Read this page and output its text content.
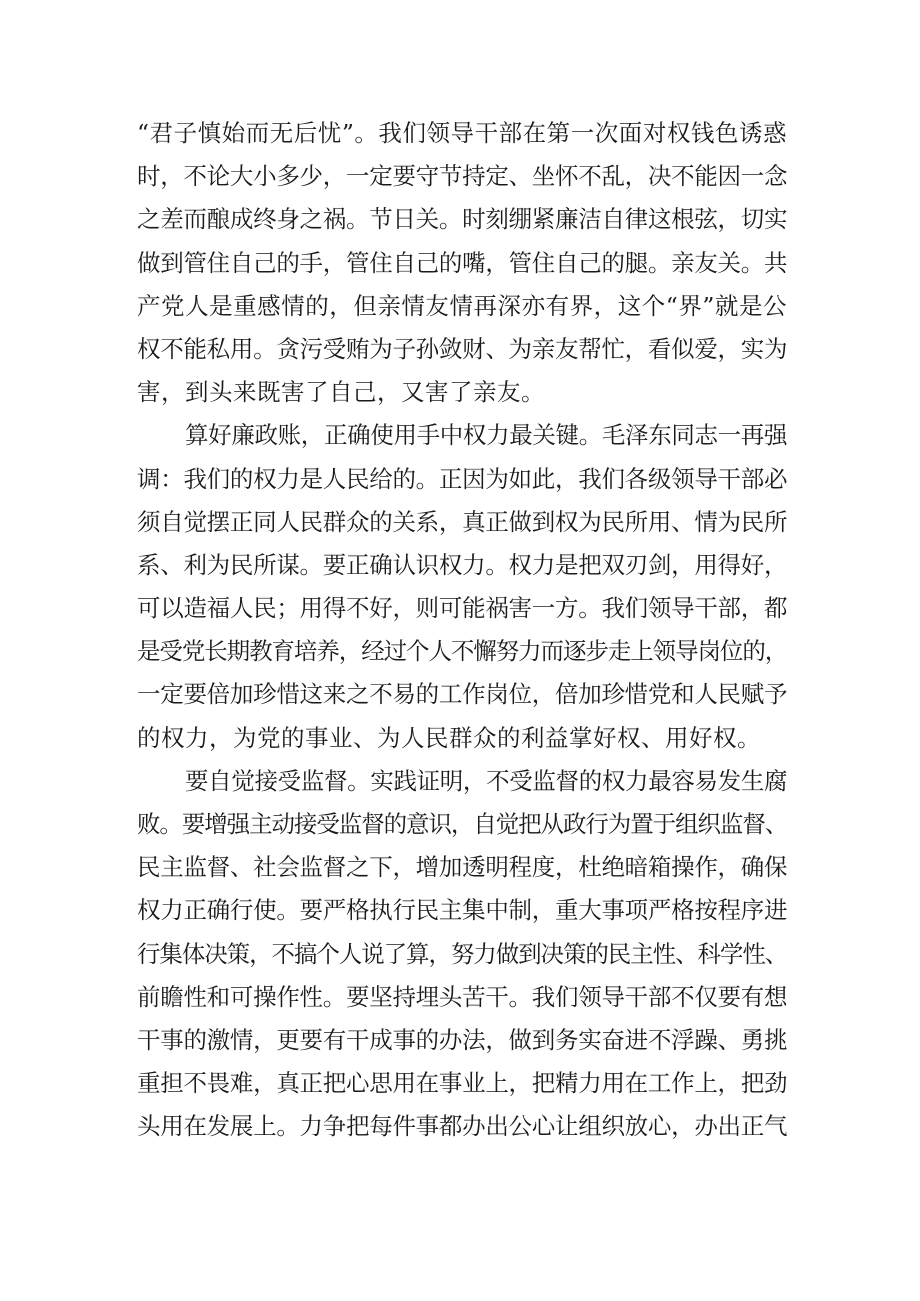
“君子慎始而无后忧”。我们领导干部在第一次面对权钱色诱惑
时，不论大小多少，一定要守节持定、坐怀不乱，决不能因一念
之差而酿成终身之祸。节日关。时刻绷紧廉洁自律这根弦，切实
做到管住自己的手，管住自己的嘴，管住自己的腿。亲友关。共
产党人是重感情的，但亲情友情再深亦有界，这个“界”就是公
权不能私用。贪污受贿为子孙敛财、为亲友帮忙，看似爱，实为
害，到头来既害了自己，又害了亲友。
算好廉政账，正确使用手中权力最关键。毛泽东同志一再强
调：我们的权力是人民给的。正因为如此，我们各级领导干部必
须自觉摆正同人民群众的关系，真正做到权为民所用、情为民所
系、利为民所谋。要正确认识权力。权力是把双刃剑，用得好，
可以造福人民；用得不好，则可能祸害一方。我们领导干部，都
是受党长期教育培养，经过个人不懈努力而逐步走上领导岗位的，
一定要倍加珍惜这来之不易的工作岗位，倍加珍惜党和人民赋予
的权力，为党的事业、为人民群众的利益掌好权、用好权。
要自觉接受监督。实践证明，不受监督的权力最容易发生腐
败。要增强主动接受监督的意识，自觉把从政行为置于组织监督、
民主监督、社会监督之下，增加透明程度，杜绝暗箱操作，确保
权力正确行使。要严格执行民主集中制，重大事项严格按程序进
行集体决策，不搞个人说了算，努力做到决策的民主性、科学性、
前瞻性和可操作性。要坚持埋头苦干。我们领导干部不仅要有想
干事的激情，更要有干成事的办法，做到务实奋进不浮躁、勇挑
重担不畏难，真正把心思用在事业上，把精力用在工作上，把劲
头用在发展上。力争把每件事都办出公心让组织放心，办出正气
